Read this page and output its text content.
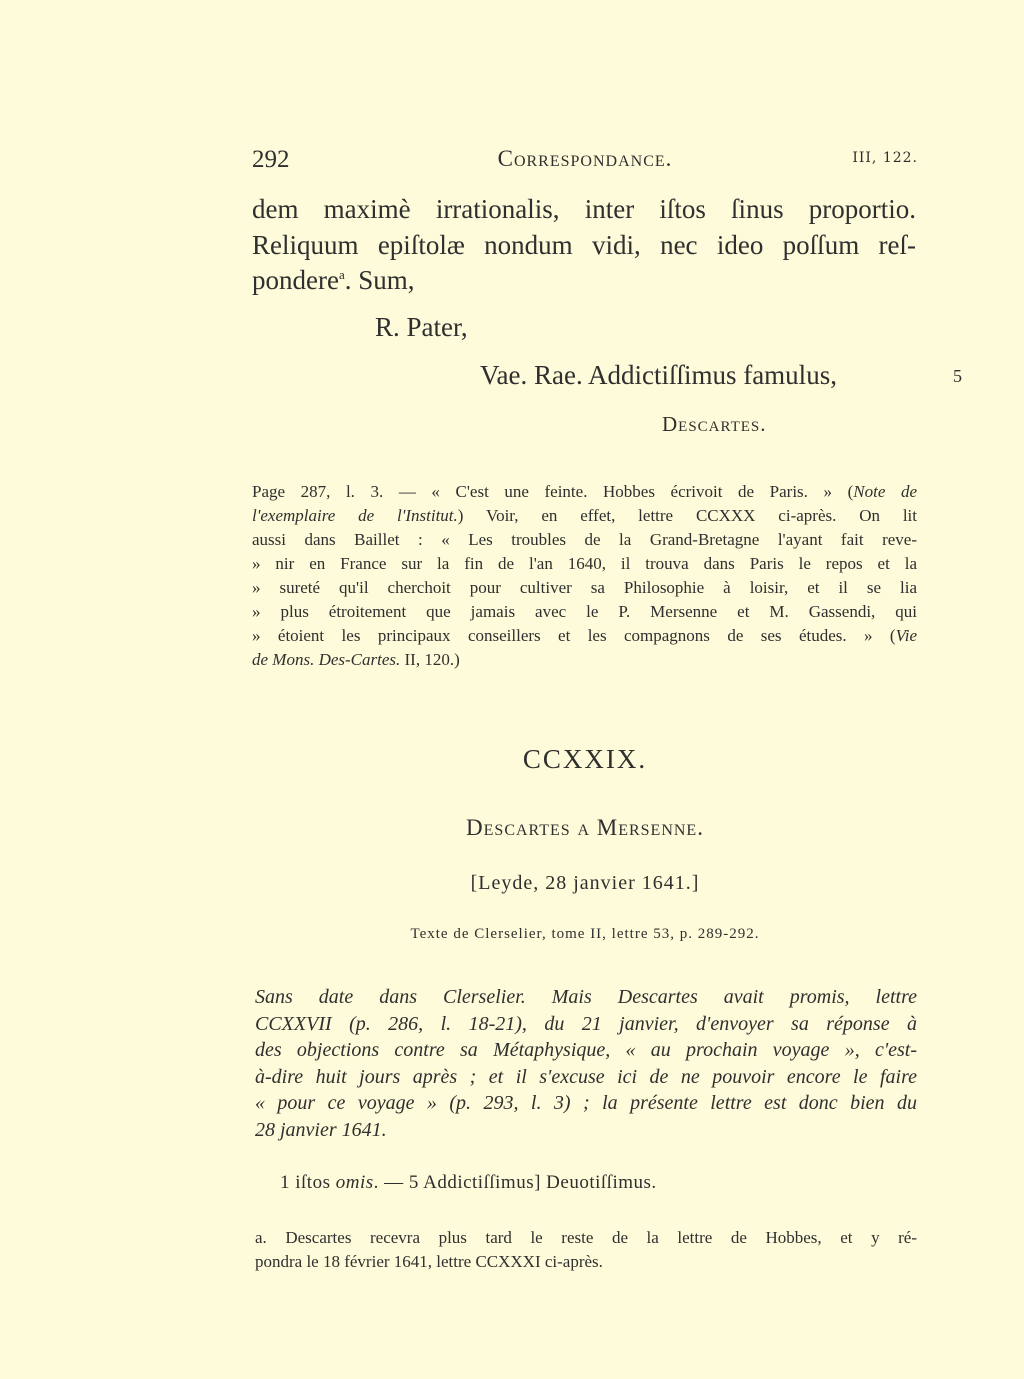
292	Correspondance.	III, 122.
dem maximè irrationalis, inter iſtos ſinus proportio.
Reliquum epiſtolæ nondum vidi, nec ideo poſſum reſ-
pondere$^a$. Sum,
R. Pater,
Vae. Rae. Addictiſſimus famulus,	5
Descartes.
Page 287, l. 3. — « C'est une feinte. Hobbes écrivoit de Paris. » (Note de
l'exemplaire de l'Institut.) Voir, en effet, lettre CCXXX ci-après. On lit
aussi dans Baillet : « Les troubles de la Grand-Bretagne l'ayant fait reve-
» nir en France sur la fin de l'an 1640, il trouva dans Paris le repos et la
» sureté qu'il cherchoit pour cultiver sa Philosophie à loisir, et il se lia
» plus étroitement que jamais avec le P. Mersenne et M. Gassendi, qui
» étoient les principaux conseillers et les compagnons de ses études. » (Vie
de Mons. Des-Cartes. II, 120.)
CCXXIX.
Descartes a Mersenne.
[Leyde, 28 janvier 1641.]
Texte de Clerselier, tome II, lettre 53, p. 289-292.
Sans date dans Clerselier. Mais Descartes avait promis, lettre
CCXXVII (p. 286, l. 18-21), du 21 janvier, d'envoyer sa réponse à
des objections contre sa Métaphysique, « au prochain voyage », c'est-
à-dire huit jours après ; et il s'excuse ici de ne pouvoir encore le faire
« pour ce voyage » (p. 293, l. 3) ; la présente lettre est donc bien du
28 janvier 1641.
1 iſtos omis. — 5 Addictiſſimus] Deuotiſſimus.
a. Descartes recevra plus tard le reste de la lettre de Hobbes, et y ré-
pondra le 18 février 1641, lettre CCXXXI ci-après.
